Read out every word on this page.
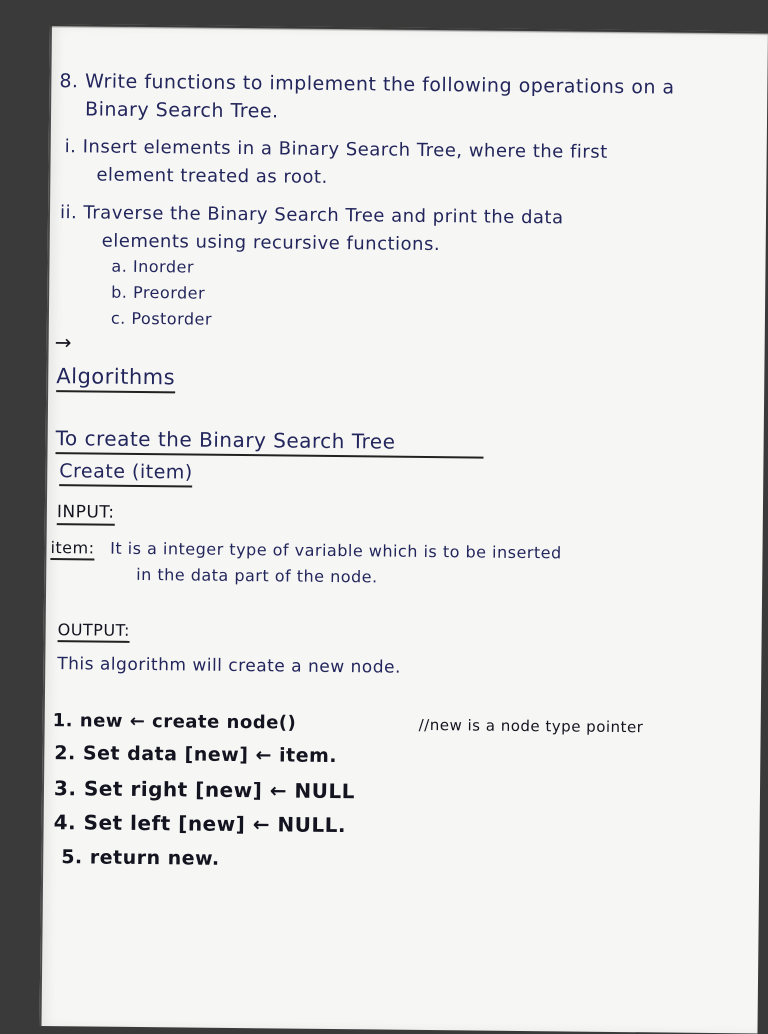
8. Write functions to implement the following operations on a
Binary Search Tree.
i. Insert elements in a Binary Search Tree, where the first
element treated as root.
ii. Traverse the Binary Search Tree and print the data
elements using recursive functions.
a. Inorder
b. Preorder
c. Postorder
→
Algorithms
To create the Binary Search Tree
Create (item)
INPUT:
item: It is a integer type of variable which is to be inserted
in the data part of the node.
OUTPUT:
This algorithm will create a new node.
1. new ← create node()	//new is a node type pointer
2. Set data [new] ← item.
3. Set right [new] ← NULL
4. Set left [new] ← NULL.
5. return new.
